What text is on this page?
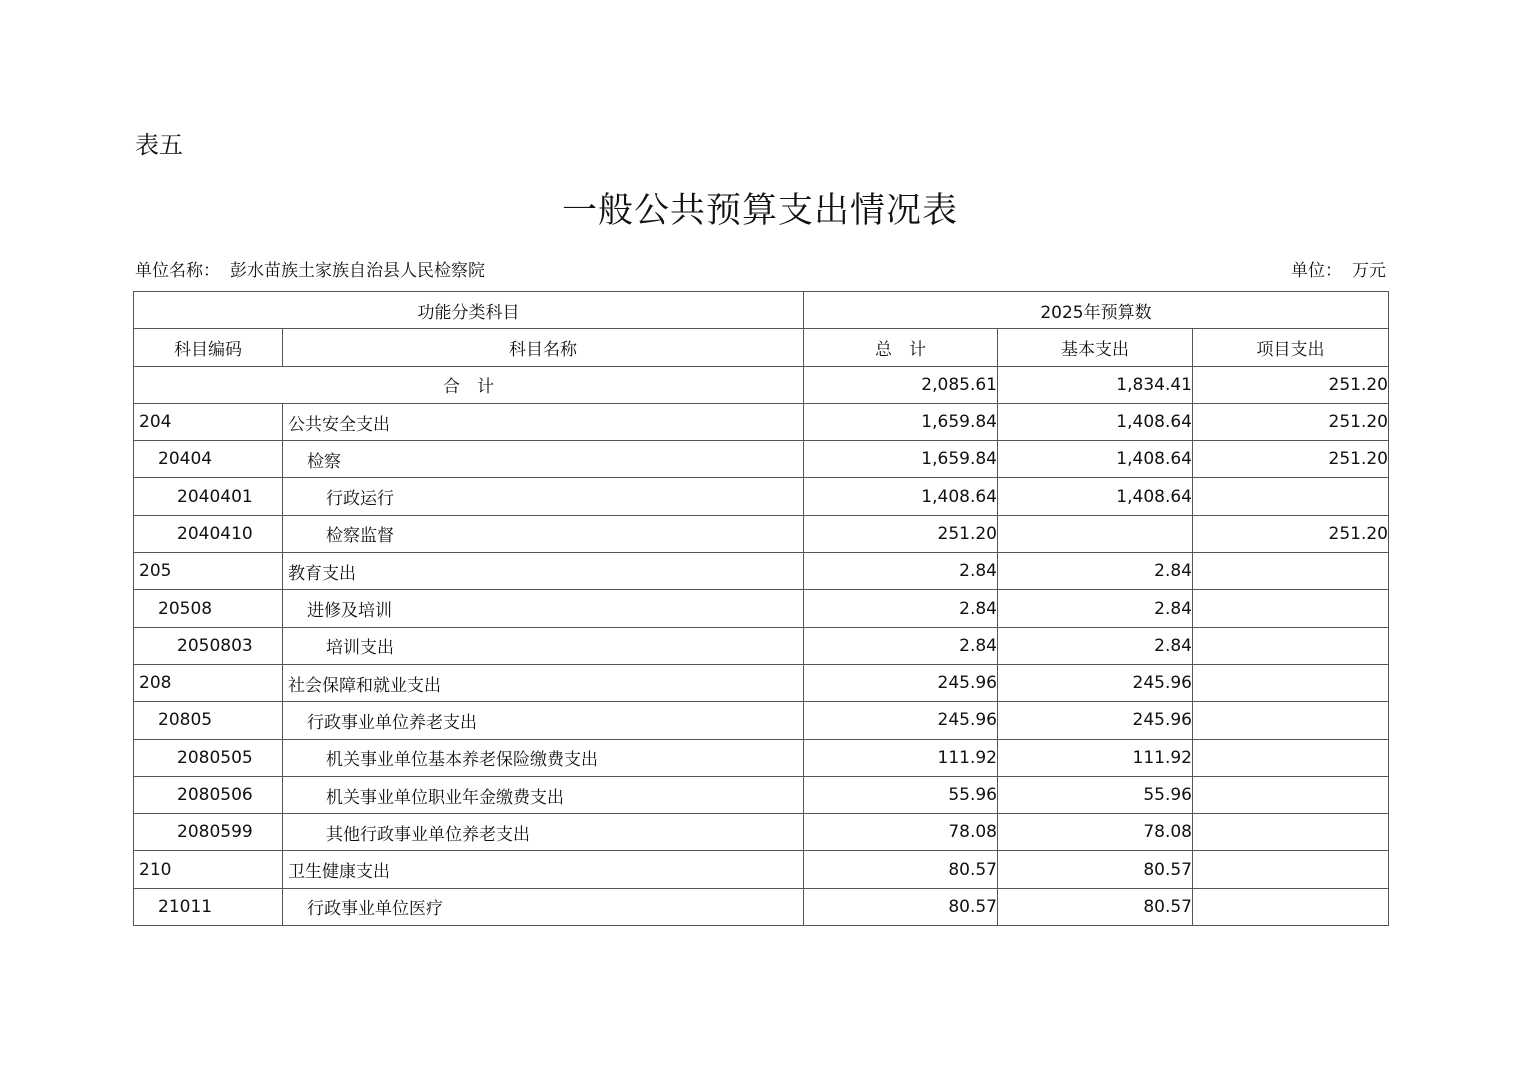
表五
一般公共预算支出情况表
单位名称： 彭水苗族土家族自治县人民检察院	单位： 万元
功能分类科目		2025年预算数		
科目编码	科目名称	总　计	基本支出	项目支出
合　计		2,085.61	1,834.41	251.20
204	公共安全支出	1,659.84	1,408.64	251.20
20404	检察	1,659.84	1,408.64	251.20
2040401	行政运行	1,408.64	1,408.64	
2040410	检察监督	251.20		251.20
205	教育支出	2.84	2.84	
20508	进修及培训	2.84	2.84	
2050803	培训支出	2.84	2.84	
208	社会保障和就业支出	245.96	245.96	
20805	行政事业单位养老支出	245.96	245.96	
2080505	机关事业单位基本养老保险缴费支出	111.92	111.92	
2080506	机关事业单位职业年金缴费支出	55.96	55.96	
2080599	其他行政事业单位养老支出	78.08	78.08	
210	卫生健康支出	80.57	80.57	
21011	行政事业单位医疗	80.57	80.57	
